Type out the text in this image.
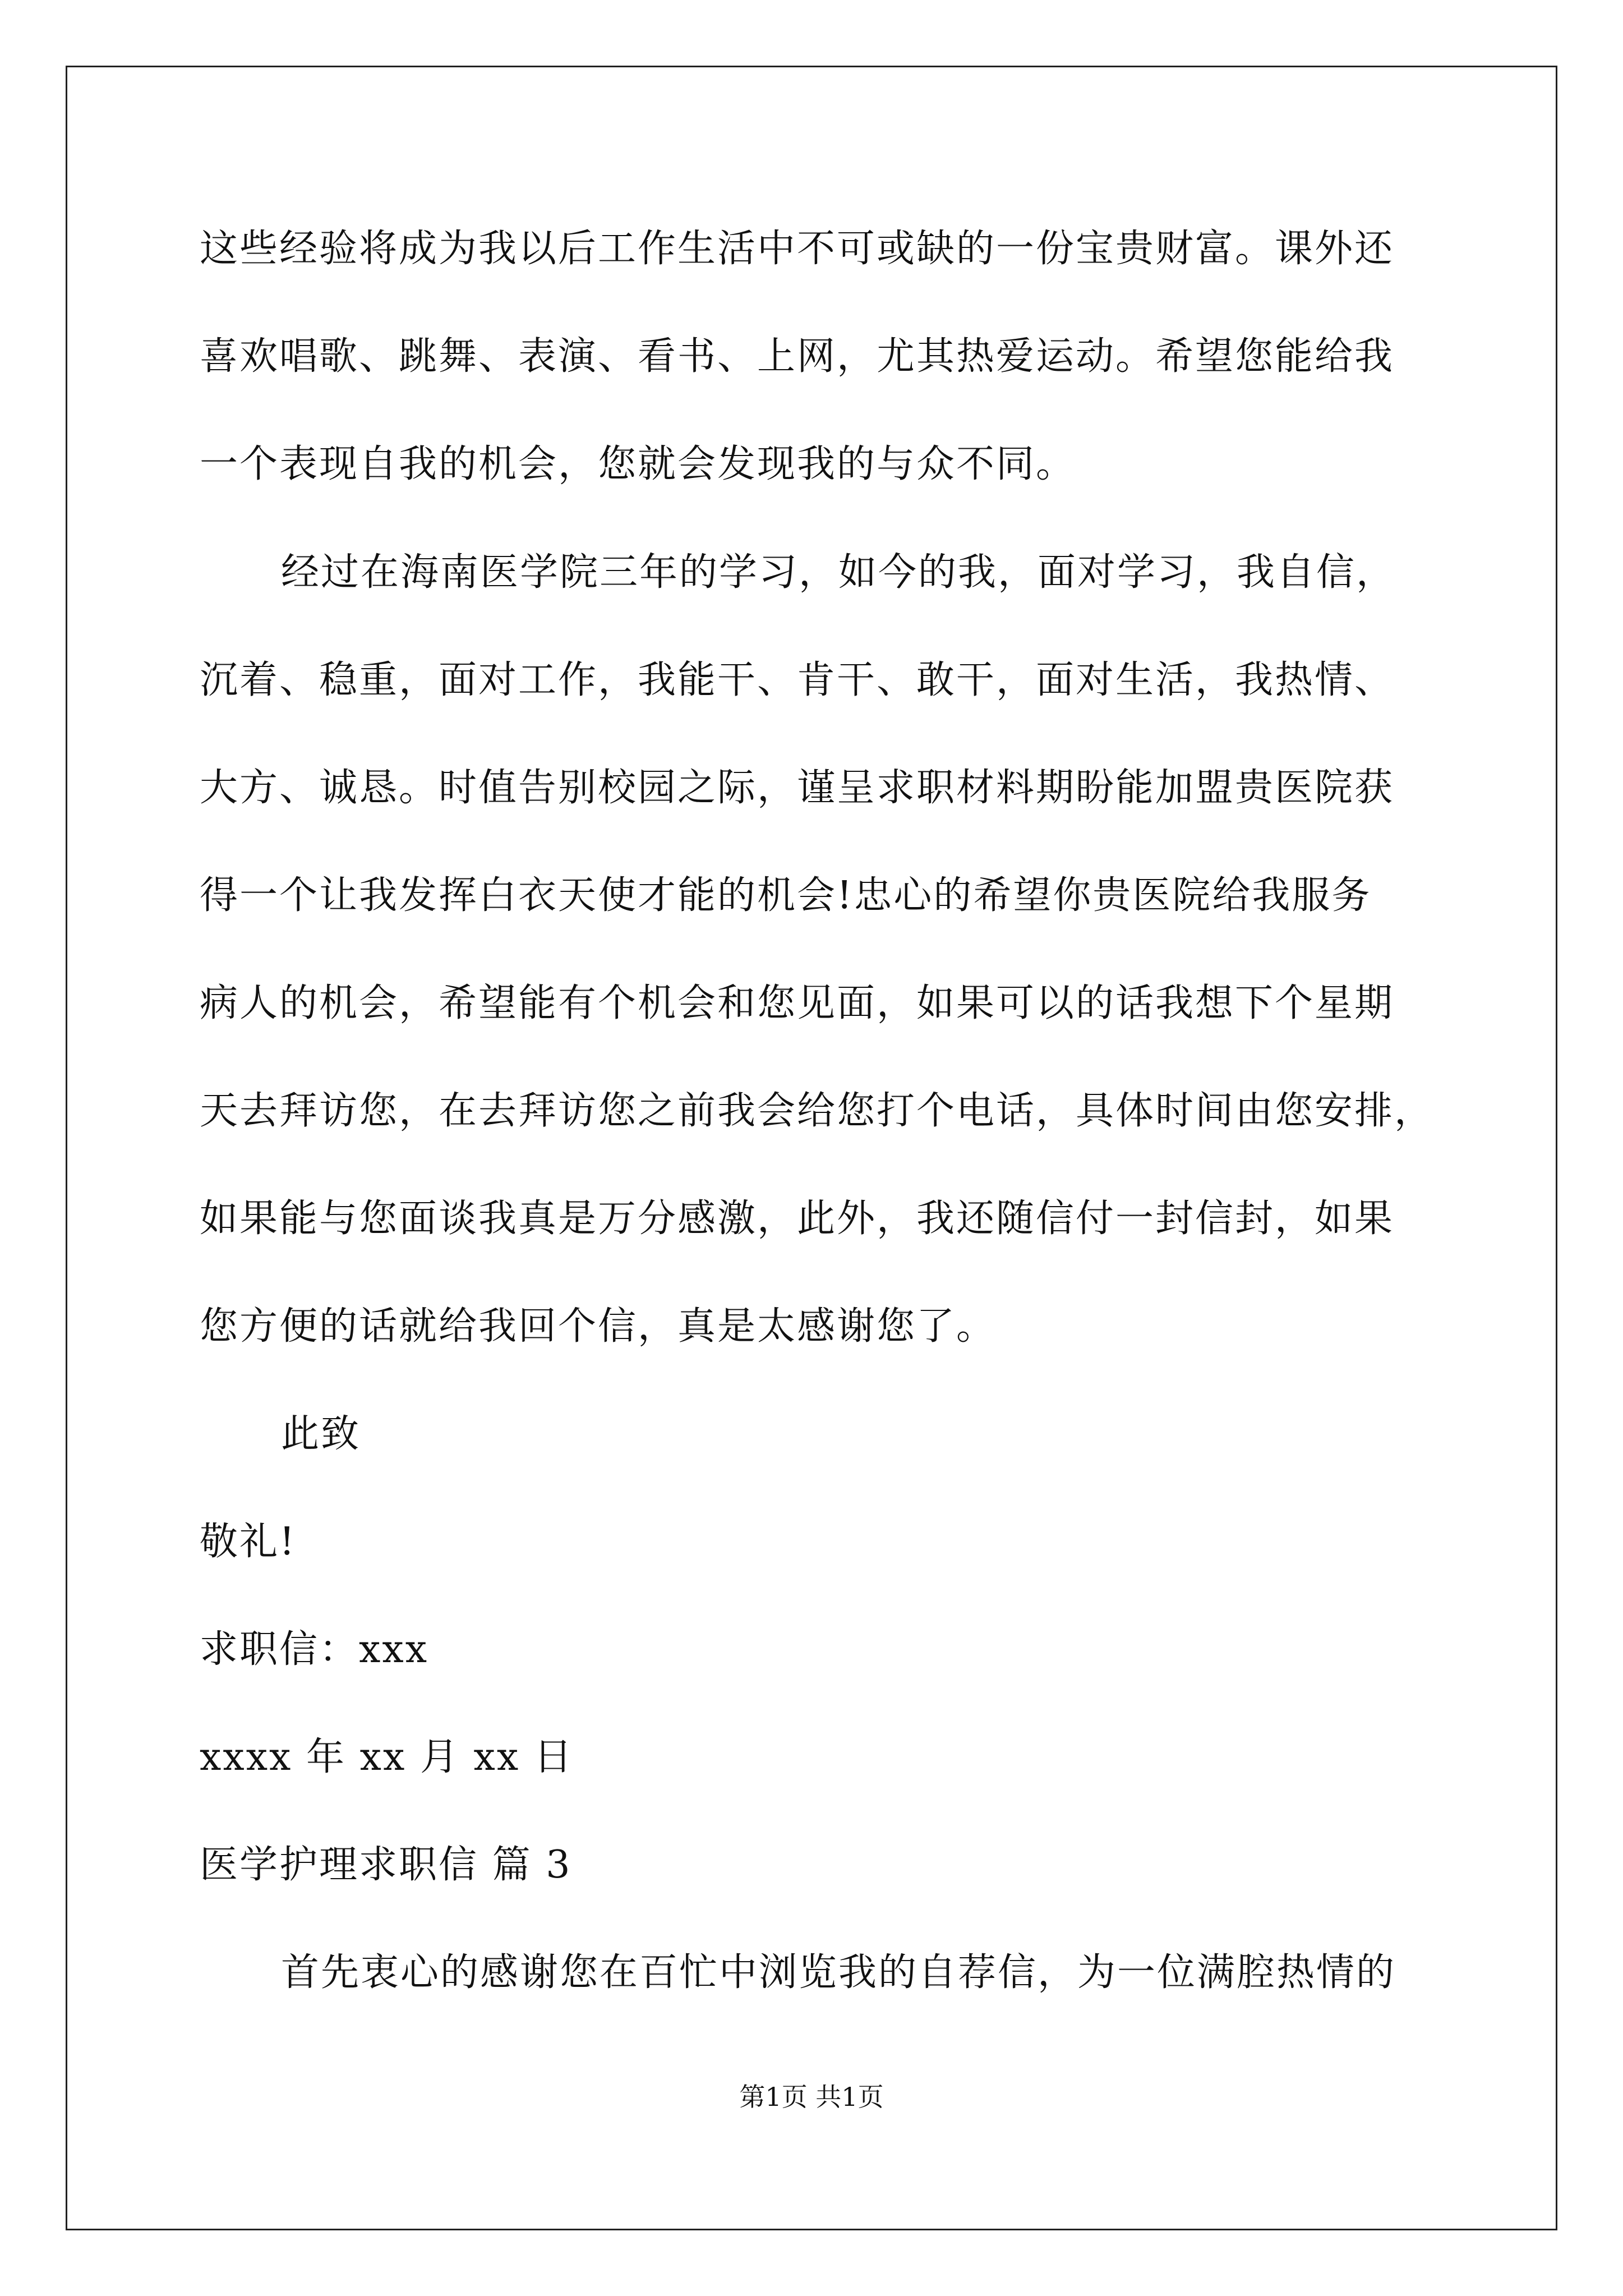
这些经验将成为我以后工作生活中不可或缺的一份宝贵财富。课外还
喜欢唱歌、跳舞、表演、看书、上网，尤其热爱运动。希望您能给我
一个表现自我的机会，您就会发现我的与众不同。
经过在海南医学院三年的学习，如今的我，面对学习，我自信，
沉着、稳重，面对工作，我能干、肯干、敢干，面对生活，我热情、
大方、诚恳。时值告别校园之际，谨呈求职材料期盼能加盟贵医院获
得一个让我发挥白衣天使才能的机会!忠心的希望你贵医院给我服务
病人的机会，希望能有个机会和您见面，如果可以的话我想下个星期
天去拜访您，在去拜访您之前我会给您打个电话，具体时间由您安排，
如果能与您面谈我真是万分感激，此外，我还随信付一封信封，如果
您方便的话就给我回个信，真是太感谢您了。
此致
敬礼!
求职信：xxx
xxxx 年 xx 月 xx 日
医学护理求职信 篇 3
首先衷心的感谢您在百忙中浏览我的自荐信，为一位满腔热情的
第1页 共1页
